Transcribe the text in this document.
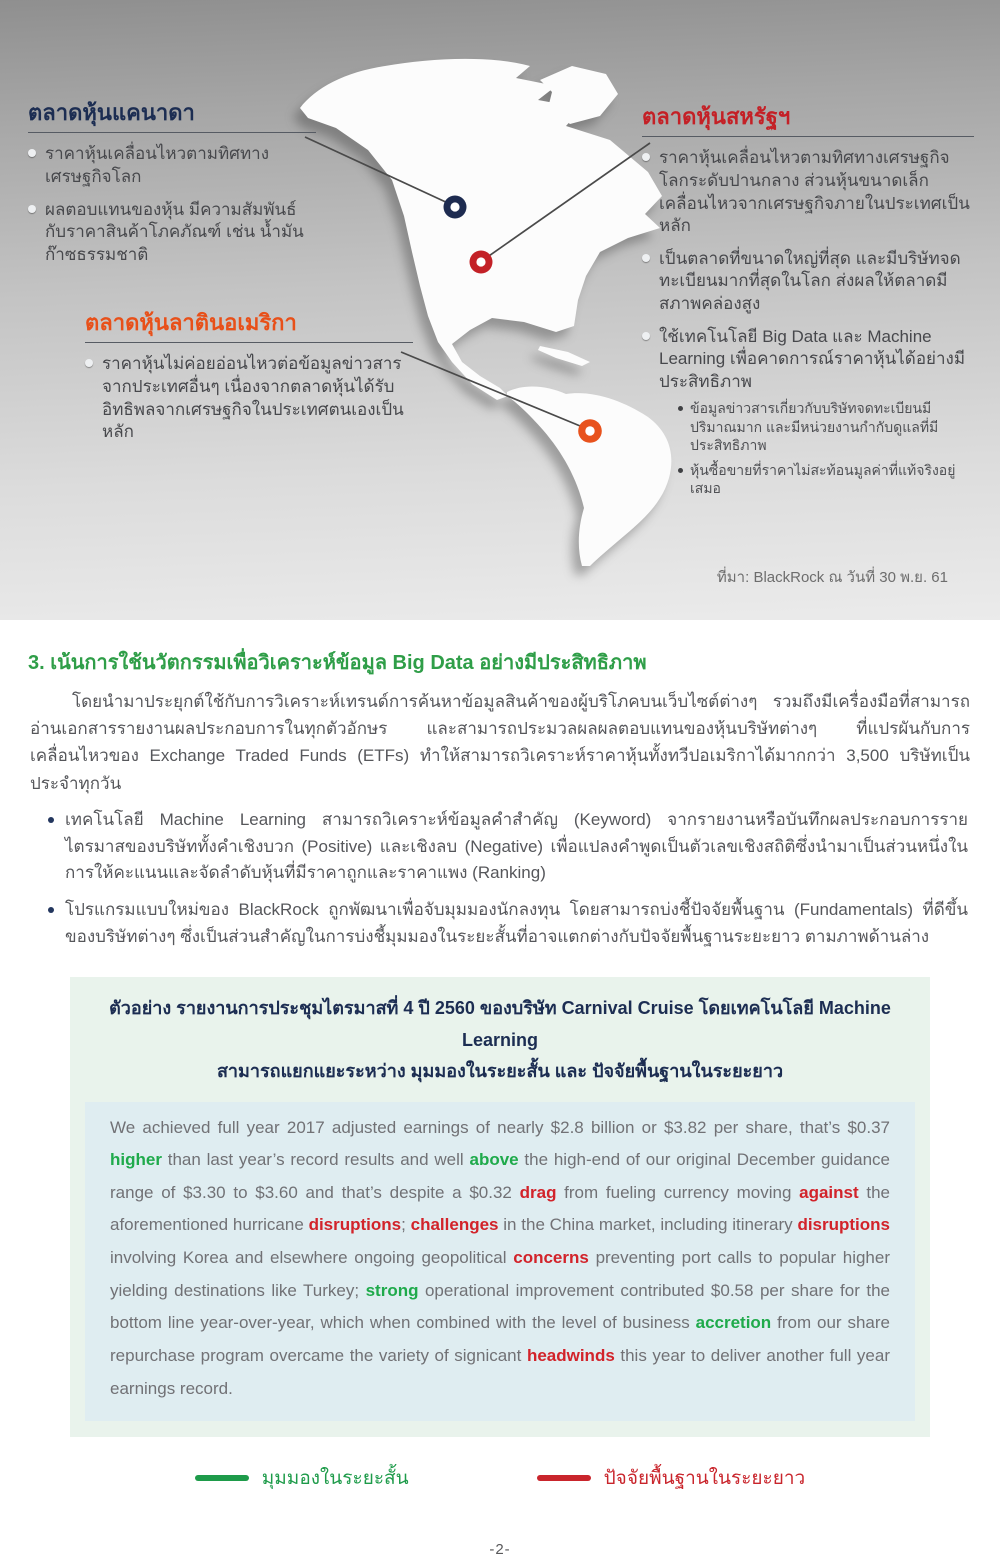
ตลาดหุ้นแคนาดา
ราคาหุ้นเคลื่อนไหวตามทิศทางเศรษฐกิจโลก
ผลตอบแทนของหุ้น มีความสัมพันธ์กับราคาสินค้าโภคภัณฑ์ เช่น น้ำมัน ก๊าซธรรมชาติ
ตลาดหุ้นสหรัฐฯ
ราคาหุ้นเคลื่อนไหวตามทิศทางเศรษฐกิจโลกระดับปานกลาง ส่วนหุ้นขนาดเล็กเคลื่อนไหวจากเศรษฐกิจภายในประเทศเป็นหลัก
เป็นตลาดที่ขนาดใหญ่ที่สุด และมีบริษัทจดทะเบียนมากที่สุดในโลก ส่งผลให้ตลาดมีสภาพคล่องสูง
ใช้เทคโนโลยี Big Data และ Machine Learning เพื่อคาดการณ์ราคาหุ้นได้อย่างมีประสิทธิภาพ
ข้อมูลข่าวสารเกี่ยวกับบริษัทจดทะเบียนมีปริมาณมาก และมีหน่วยงานกำกับดูแลที่มีประสิทธิภาพ
หุ้นซื้อขายที่ราคาไม่สะท้อนมูลค่าที่แท้จริงอยู่เสมอ
ตลาดหุ้นลาตินอเมริกา
ราคาหุ้นไม่ค่อยอ่อนไหวต่อข้อมูลข่าวสารจากประเทศอื่นๆ เนื่องจากตลาดหุ้นได้รับอิทธิพลจากเศรษฐกิจในประเทศตนเองเป็นหลัก
ที่มา: BlackRock ณ วันที่ 30 พ.ย. 61
3. เน้นการใช้นวัตกรรมเพื่อวิเคราะห์ข้อมูล Big Data อย่างมีประสิทธิภาพ

โดยนำมาประยุกต์ใช้กับการวิเคราะห์เทรนด์การค้นหาข้อมูลสินค้าของผู้บริโภคบนเว็บไซต์ต่างๆ รวมถึงมีเครื่องมือที่สามารถอ่านเอกสารรายงานผลประกอบการในทุกตัวอักษร และสามารถประมวลผลผลตอบแทนของหุ้นบริษัทต่างๆ ที่แปรผันกับการเคลื่อนไหวของ Exchange Traded Funds (ETFs) ทำให้สามารถวิเคราะห์ราคาหุ้นทั้งทวีปอเมริกาได้มากกว่า 3,500 บริษัทเป็นประจำทุกวัน

เทคโนโลยี Machine Learning สามารถวิเคราะห์ข้อมูลคำสำคัญ (Keyword) จากรายงานหรือบันทึกผลประกอบการรายไตรมาสของบริษัททั้งคำเชิงบวก (Positive) และเชิงลบ (Negative) เพื่อแปลงคำพูดเป็นตัวเลขเชิงสถิติซึ่งนำมาเป็นส่วนหนึ่งในการให้คะแนนและจัดลำดับหุ้นที่มีราคาถูกและราคาแพง (Ranking)
โปรแกรมแบบใหม่ของ BlackRock ถูกพัฒนาเพื่อจับมุมมองนักลงทุน โดยสามารถบ่งชี้ปัจจัยพื้นฐาน (Fundamentals) ที่ดีขึ้นของบริษัทต่างๆ ซึ่งเป็นส่วนสำคัญในการบ่งชี้มุมมองในระยะสั้นที่อาจแตกต่างกับปัจจัยพื้นฐานระยะยาว ตามภาพด้านล่าง
ตัวอย่าง รายงานการประชุมไตรมาสที่ 4 ปี 2560 ของบริษัท Carnival Cruise โดยเทคโนโลยี Machine Learning
สามารถแยกแยะระหว่าง มุมมองในระยะสั้น และ ปัจจัยพื้นฐานในระยะยาว
We achieved full year 2017 adjusted earnings of nearly $2.8 billion or $3.82 per share, that’s $0.37 higher than last year’s record results and well above the high-end of our original December guidance range of $3.30 to $3.60 and that’s despite a $0.32 drag from fueling currency moving against the aforementioned hurricane disruptions; challenges in the China market, including itinerary disruptions involving Korea and elsewhere ongoing geopolitical concerns preventing port calls to popular higher yielding destinations like Turkey; strong operational improvement contributed $0.58 per share for the bottom line year-over-year, which when combined with the level of business accretion from our share repurchase program overcame the variety of signicant headwinds this year to deliver another full year earnings record.
มุมมองในระยะสั้น	ปัจจัยพื้นฐานในระยะยาว
-2-
